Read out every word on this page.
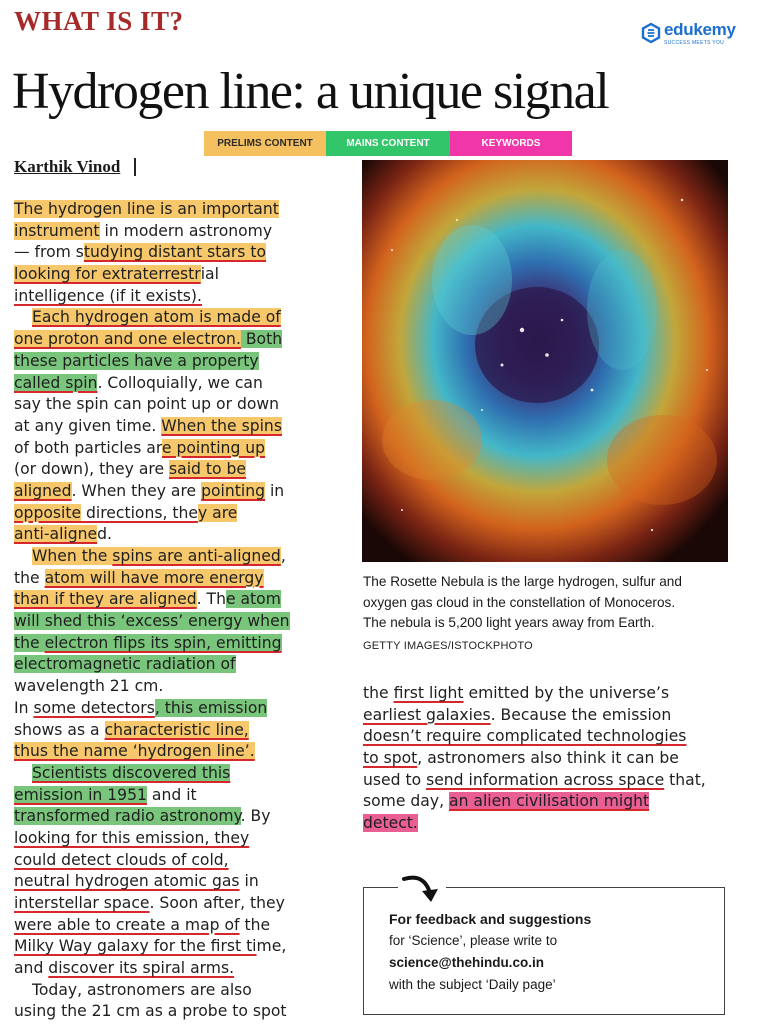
WHAT IS IT?	edukemy
SUCCESS MEETS YOU
Hydrogen line: a unique signal
PRELIMS CONTENT	MAINS CONTENT	KEYWORDS
Karthik Vinod
The hydrogen line is an important
instrument in modern astronomy
— from studying distant stars to
looking for extraterrestrial
intelligence (if it exists).
Each hydrogen atom is made of
one proton and one electron. Both
these particles have a property
called spin. Colloquially, we can
say the spin can point up or down
at any given time. When the spins
of both particles are pointing up
(or down), they are said to be
aligned. When they are pointing in
opposite directions, they are
anti-aligned.
When the spins are anti-aligned,
the atom will have more energy
than if they are aligned. The atom
will shed this ‘excess’ energy when
the electron flips its spin, emitting
electromagnetic radiation of
wavelength 21 cm.
In some detectors, this emission
shows as a characteristic line,
thus the name ‘hydrogen line’.
Scientists discovered this
emission in 1951 and it
transformed radio astronomy. By
looking for this emission, they
could detect clouds of cold,
neutral hydrogen atomic gas in
interstellar space. Soon after, they
were able to create a map of the
Milky Way galaxy for the first time,
and discover its spiral arms.
Today, astronomers are also
using the 21 cm as a probe to spot
The Rosette Nebula is the large hydrogen, sulfur and
oxygen gas cloud in the constellation of Monoceros.
The nebula is 5,200 light years away from Earth.
GETTY IMAGES/ISTOCKPHOTO
the first light emitted by the universe’s
earliest galaxies. Because the emission
doesn’t require complicated technologies
to spot, astronomers also think it can be
used to send information across space that,
some day, an alien civilisation might
detect.
For feedback and suggestions
for ‘Science’, please write to
science@thehindu.co.in
with the subject ‘Daily page’
